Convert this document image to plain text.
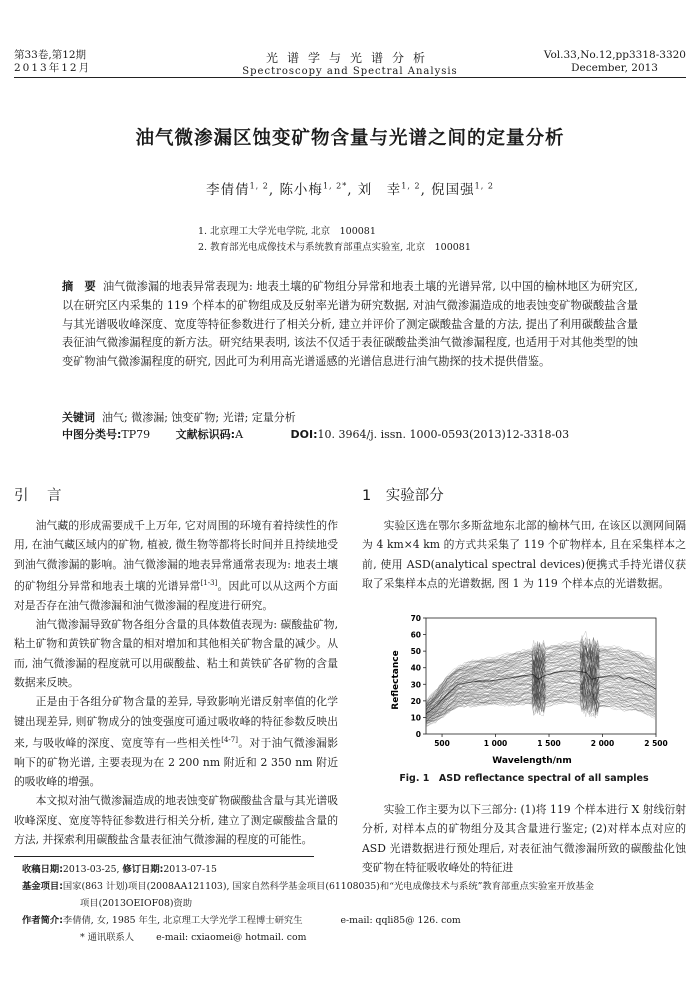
第33卷,第12期
2013年12月
光谱学与光谱分析
Spectroscopy and Spectral Analysis
Vol.33,No.12,pp3318-3320
December, 2013
油气微渗漏区蚀变矿物含量与光谱之间的定量分析
李倩倩$^{1, 2}$, 陈小梅$^{1, 2*}$, 刘　幸$^{1, 2}$, 倪国强$^{1, 2}$
1. 北京理工大学光电学院, 北京　100081
2. 教育部光电成像技术与系统教育部重点实验室, 北京　100081
摘　要 油气微渗漏的地表异常表现为: 地表土壤的矿物组分异常和地表土壤的光谱异常, 以中国的榆林地区为研究区, 以在研究区内采集的 119 个样本的矿物组成及反射率光谱为研究数据, 对油气微渗漏造成的地表蚀变矿物碳酸盐含量与其光谱吸收峰深度、宽度等特征参数进行了相关分析, 建立并评价了测定碳酸盐含量的方法, 提出了利用碳酸盐含量表征油气微渗漏程度的新方法。研究结果表明, 该法不仅适于表征碳酸盐类油气微渗漏程度, 也适用于对其他类型的蚀变矿物油气微渗漏程度的研究, 因此可为利用高光谱遥感的光谱信息进行油气勘探的技术提供借鉴。
关键词 油气; 微渗漏; 蚀变矿物; 光谱; 定量分析
中图分类号:TP79 文献标识码:A	DOI:10. 3964/j. issn. 1000-0593(2013)12-3318-03
引　言

油气藏的形成需要成千上万年, 它对周围的环境有着持续性的作用, 在油气藏区域内的矿物, 植被, 微生物等都将长时间并且持续地受到油气微渗漏的影响。油气微渗漏的地表异常通常表现为: 地表土壤的矿物组分异常和地表土壤的光谱异常[1-3]。因此可以从这两个方面对是否存在油气微渗漏和油气微渗漏的程度进行研究。

油气微渗漏导致矿物各组分含量的具体数值表现为: 碳酸盐矿物, 粘土矿物和黄铁矿物含量的相对增加和其他相关矿物含量的减少。从而, 油气微渗漏的程度就可以用碳酸盐、粘土和黄铁矿各矿物的含量数据来反映。

正是由于各组分矿物含量的差异, 导致影响光谱反射率值的化学键出现差异, 则矿物成分的蚀变强度可通过吸收峰的特征参数反映出来, 与吸收峰的深度、宽度等有一些相关性[4-7]。对于油气微渗漏影响下的矿物光谱, 主要表现为在 2 200 nm 附近和 2 350 nm 附近的吸收峰的增强。

本文拟对油气微渗漏造成的地表蚀变矿物碳酸盐含量与其光谱吸收峰深度、宽度等特征参数进行相关分析, 建立了测定碳酸盐含量的方法, 并探索利用碳酸盐含量表征油气微渗漏的程度的可能性。

1　实验部分

实验区选在鄂尔多斯盆地东北部的榆林气田, 在该区以测网间隔为 4 km×4 km 的方式共采集了 119 个矿物样本, 且在采集样本之前, 使用 ASD(analytical spectral devices)便携式手持光谱仪获取了采集样本点的光谱数据, 图 1 为 119 个样本点的光谱数据。

0
10
20
30
40
50
60
70
500	1 000	1 500	2 000	2 500
Wavelength/nm
Reflectance
Fig. 1　ASD reflectance spectral of all samples

实验工作主要为以下三部分: (1)将 119 个样本进行 X 射线衍射分析, 对样本点的矿物组分及其含量进行鉴定; (2)对样本点对应的 ASD 光谱数据进行预处理后, 对表征油气微渗漏所致的碳酸盐化蚀变矿物在特征吸收峰处的特征进

收稿日期:2013-03-25, 修订日期:2013-07-15
基金项目:国家(863 计划)项目(2008AA121103), 国家自然科学基金项目(61108035)和“光电成像技术与系统”教育部重点实验室开放基金
项目(2013OEIOF08)资助
作者简介:李倩倩, 女, 1985 年生, 北京理工大学光学工程博士研究生	e-mail: qqli85@ 126. com
* 通讯联系人 e-mail: cxiaomei@ hotmail. com
